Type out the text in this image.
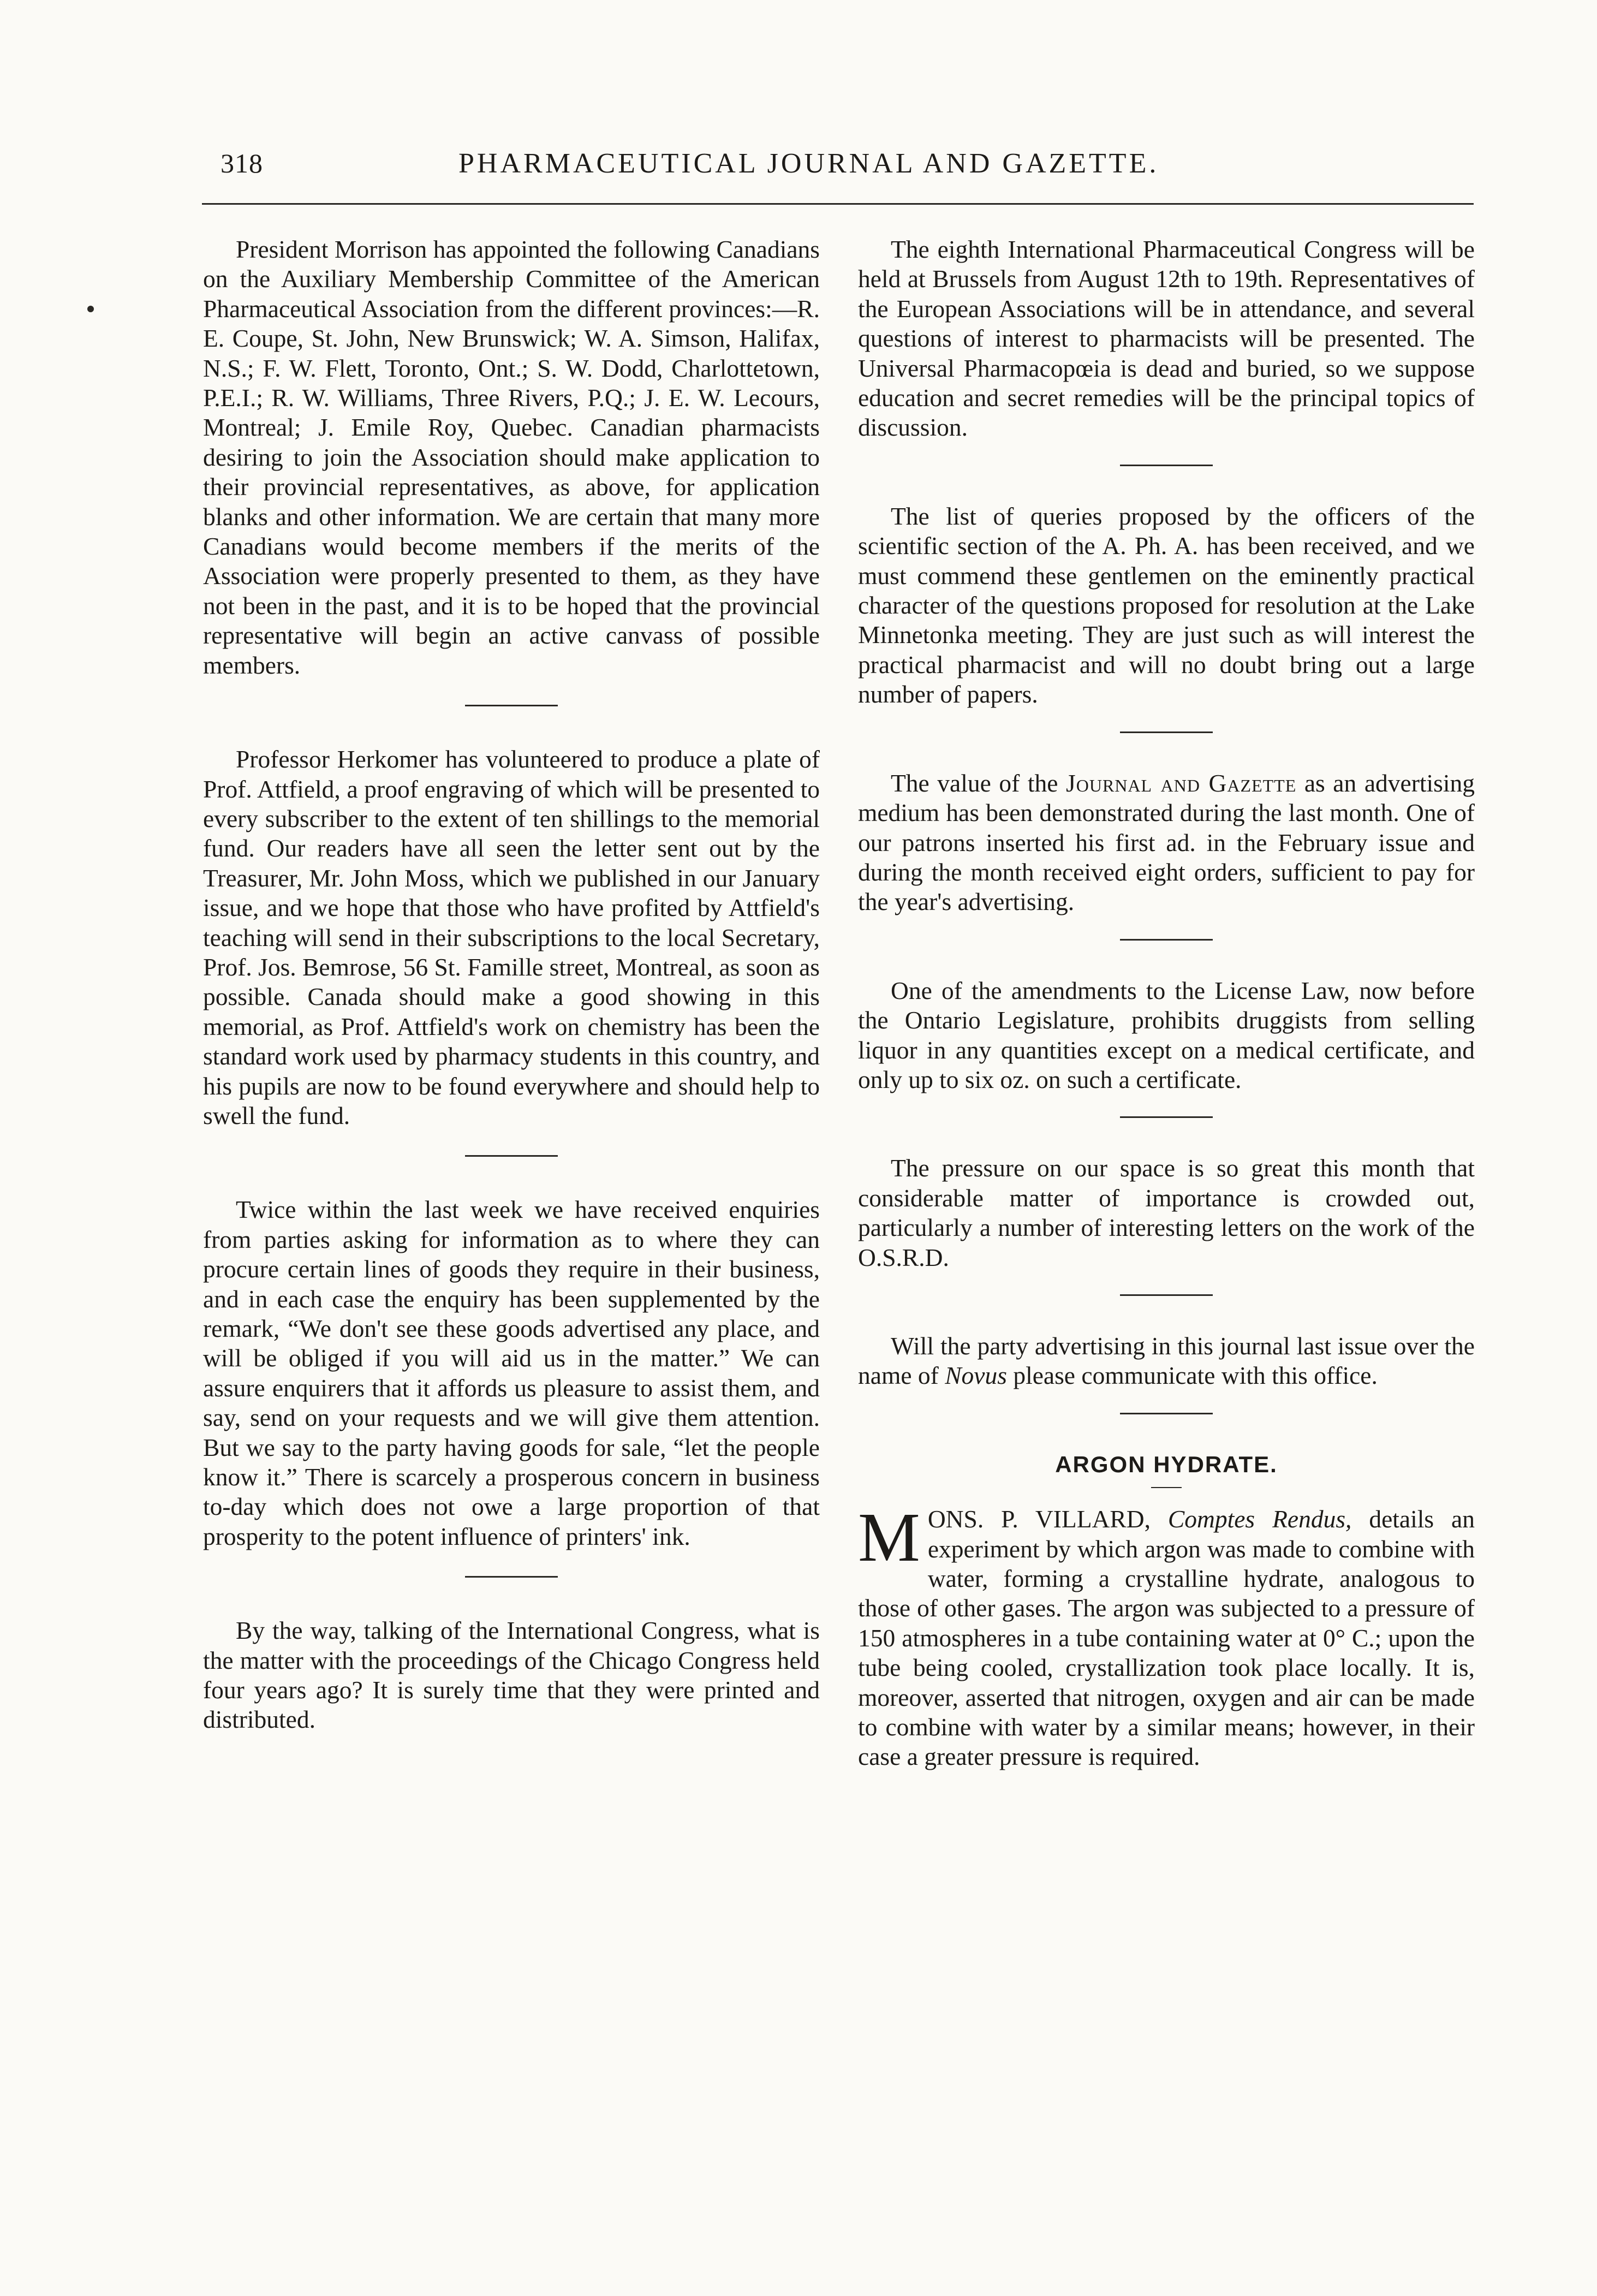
318	PHARMACEUTICAL JOURNAL AND GAZETTE.

President Morrison has appointed the following Canadians on the Auxiliary Membership Committee of the American Pharmaceutical Association from the different provinces:—R. E. Coupe, St. John, New Brunswick; W. A. Simson, Halifax, N.S.; F. W. Flett, Toronto, Ont.; S. W. Dodd, Charlottetown, P.E.I.; R. W. Williams, Three Rivers, P.Q.; J. E. W. Lecours, Montreal; J. Emile Roy, Quebec. Canadian pharmacists desiring to join the Association should make application to their provincial representatives, as above, for application blanks and other information. We are certain that many more Canadians would become members if the merits of the Association were properly presented to them, as they have not been in the past, and it is to be hoped that the provincial representative will begin an active canvass of possible members.

Professor Herkomer has volunteered to produce a plate of Prof. Attfield, a proof engraving of which will be presented to every subscriber to the extent of ten shillings to the memorial fund. Our readers have all seen the letter sent out by the Treasurer, Mr. John Moss, which we published in our January issue, and we hope that those who have profited by Attfield's teaching will send in their subscriptions to the local Secretary, Prof. Jos. Bemrose, 56 St. Famille street, Montreal, as soon as possible. Canada should make a good showing in this memorial, as Prof. Attfield's work on chemistry has been the standard work used by pharmacy students in this country, and his pupils are now to be found everywhere and should help to swell the fund.

Twice within the last week we have received enquiries from parties asking for information as to where they can procure certain lines of goods they require in their business, and in each case the enquiry has been supplemented by the remark, “We don't see these goods advertised any place, and will be obliged if you will aid us in the matter.” We can assure enquirers that it affords us pleasure to assist them, and say, send on your requests and we will give them attention. But we say to the party having goods for sale, “let the people know it.” There is scarcely a prosperous concern in business to-day which does not owe a large proportion of that prosperity to the potent influence of printers' ink.

By the way, talking of the International Congress, what is the matter with the proceedings of the Chicago Congress held four years ago? It is surely time that they were printed and distributed.

The eighth International Pharmaceutical Congress will be held at Brussels from August 12th to 19th. Representatives of the European Associations will be in attendance, and several questions of interest to pharmacists will be presented. The Universal Pharmacopœia is dead and buried, so we suppose education and secret remedies will be the principal topics of discussion.

The list of queries proposed by the officers of the scientific section of the A. Ph. A. has been received, and we must commend these gentlemen on the eminently practical character of the questions proposed for resolution at the Lake Minnetonka meeting. They are just such as will interest the practical pharmacist and will no doubt bring out a large number of papers.

The value of the Journal and Gazette as an advertising medium has been demonstrated during the last month. One of our patrons inserted his first ad. in the February issue and during the month received eight orders, sufficient to pay for the year's advertising.

One of the amendments to the License Law, now before the Ontario Legislature, prohibits druggists from selling liquor in any quantities except on a medical certificate, and only up to six oz. on such a certificate.

The pressure on our space is so great this month that considerable matter of importance is crowded out, particularly a number of interesting letters on the work of the O.S.R.D.

Will the party advertising in this journal last issue over the name of Novus please communicate with this office.

ARGON HYDRATE.

MONS. P. VILLARD, Comptes Rendus, details an experiment by which argon was made to combine with water, forming a crystalline hydrate, analogous to those of other gases. The argon was subjected to a pressure of 150 atmospheres in a tube containing water at 0° C.; upon the tube being cooled, crystallization took place locally. It is, moreover, asserted that nitrogen, oxygen and air can be made to combine with water by a similar means; however, in their case a greater pressure is required.
